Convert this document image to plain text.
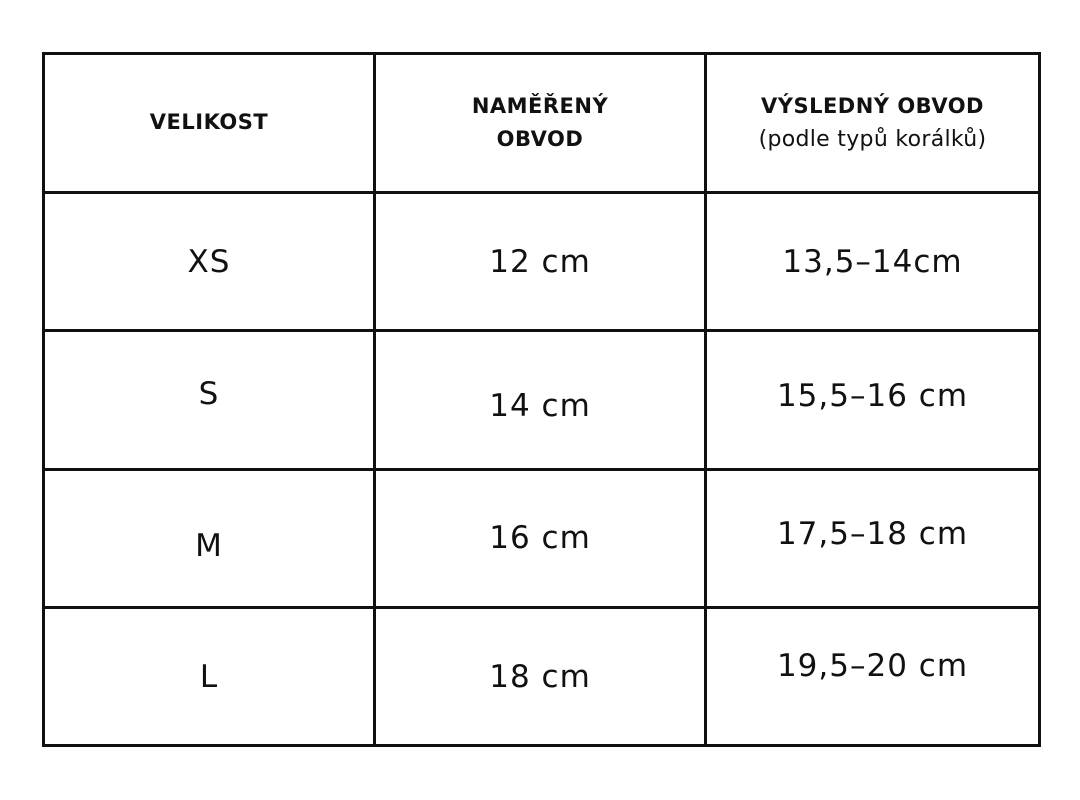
VELIKOST	NAMĚŘENÝ OBVOD	VÝSLEDNÝ OBVOD
(podle typů korálků)

XS	12 cm	13,5–14cm
S	14 cm	15,5–16 cm
M	16 cm	17,5–18 cm
L	18 cm	19,5–20 cm
